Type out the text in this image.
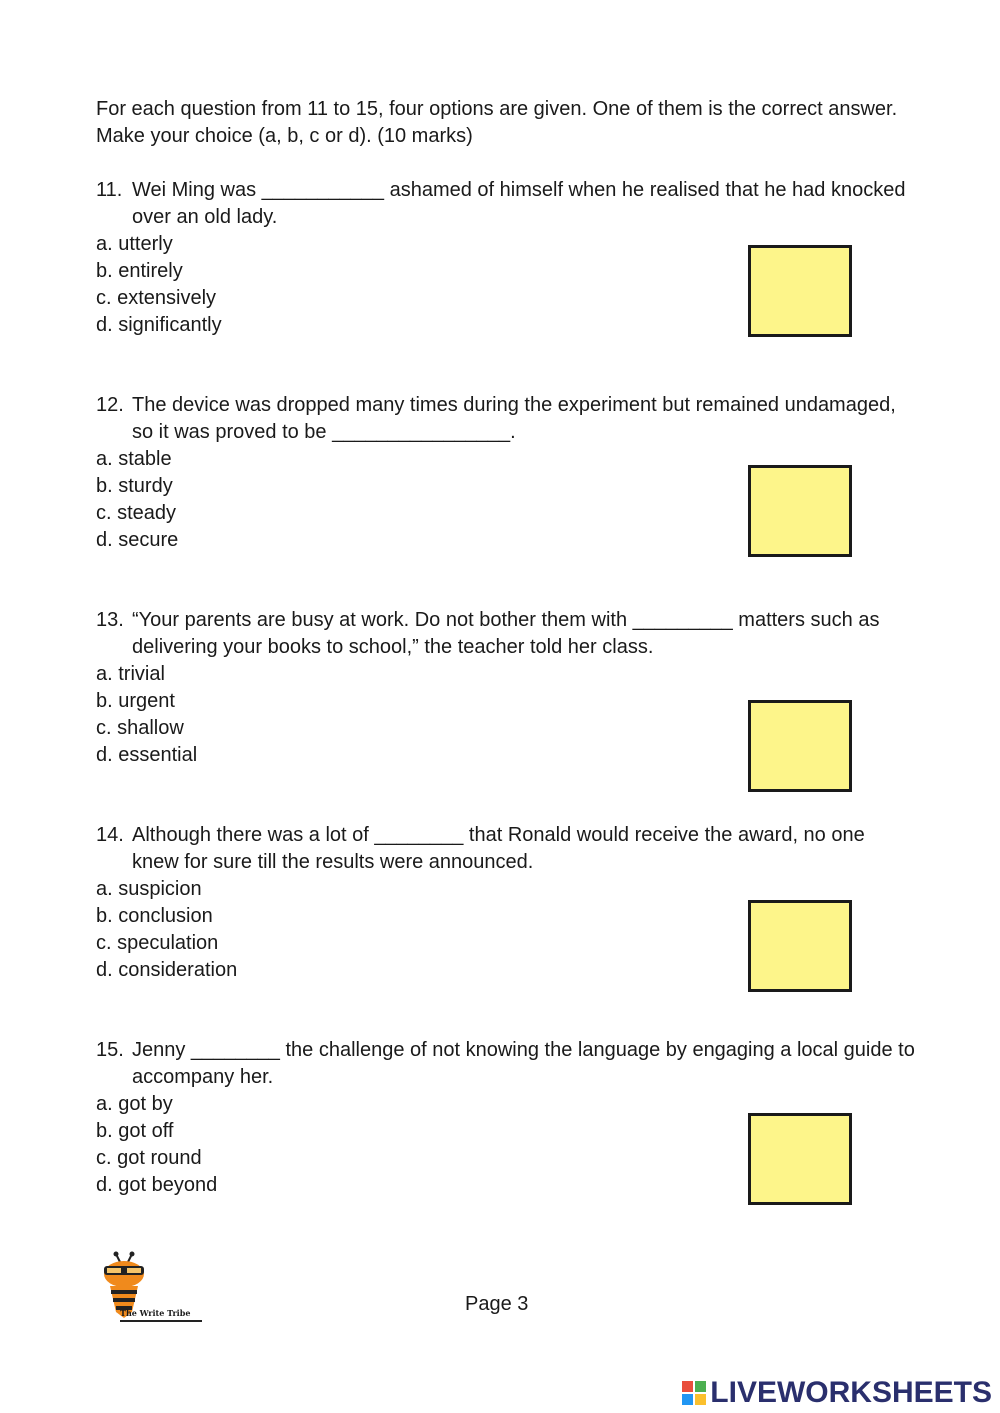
For each question from 11 to 15, four options are given. One of them is the correct answer. Make your choice (a, b, c or d). (10 marks)
11. Wei Ming was ___________ ashamed of himself when he realised that he had knocked over an old lady.
a. utterly
b. entirely
c. extensively
d. significantly
12. The device was dropped many times during the experiment but remained undamaged, so it was proved to be ________________.
a. stable
b. sturdy
c. steady
d. secure
13. “Your parents are busy at work. Do not bother them with _________ matters such as delivering your books to school,” the teacher told her class.
a. trivial
b. urgent
c. shallow
d. essential
14. Although there was a lot of ________ that Ronald would receive the award, no one knew for sure till the results were announced.
a. suspicion
b. conclusion
c. speculation
d. consideration
15. Jenny ________ the challenge of not knowing the language by engaging a local guide to accompany her.
a. got by
b. got off
c. got round
d. got beyond
The Write Tribe	Page 3
LIVEWORKSHEETS
